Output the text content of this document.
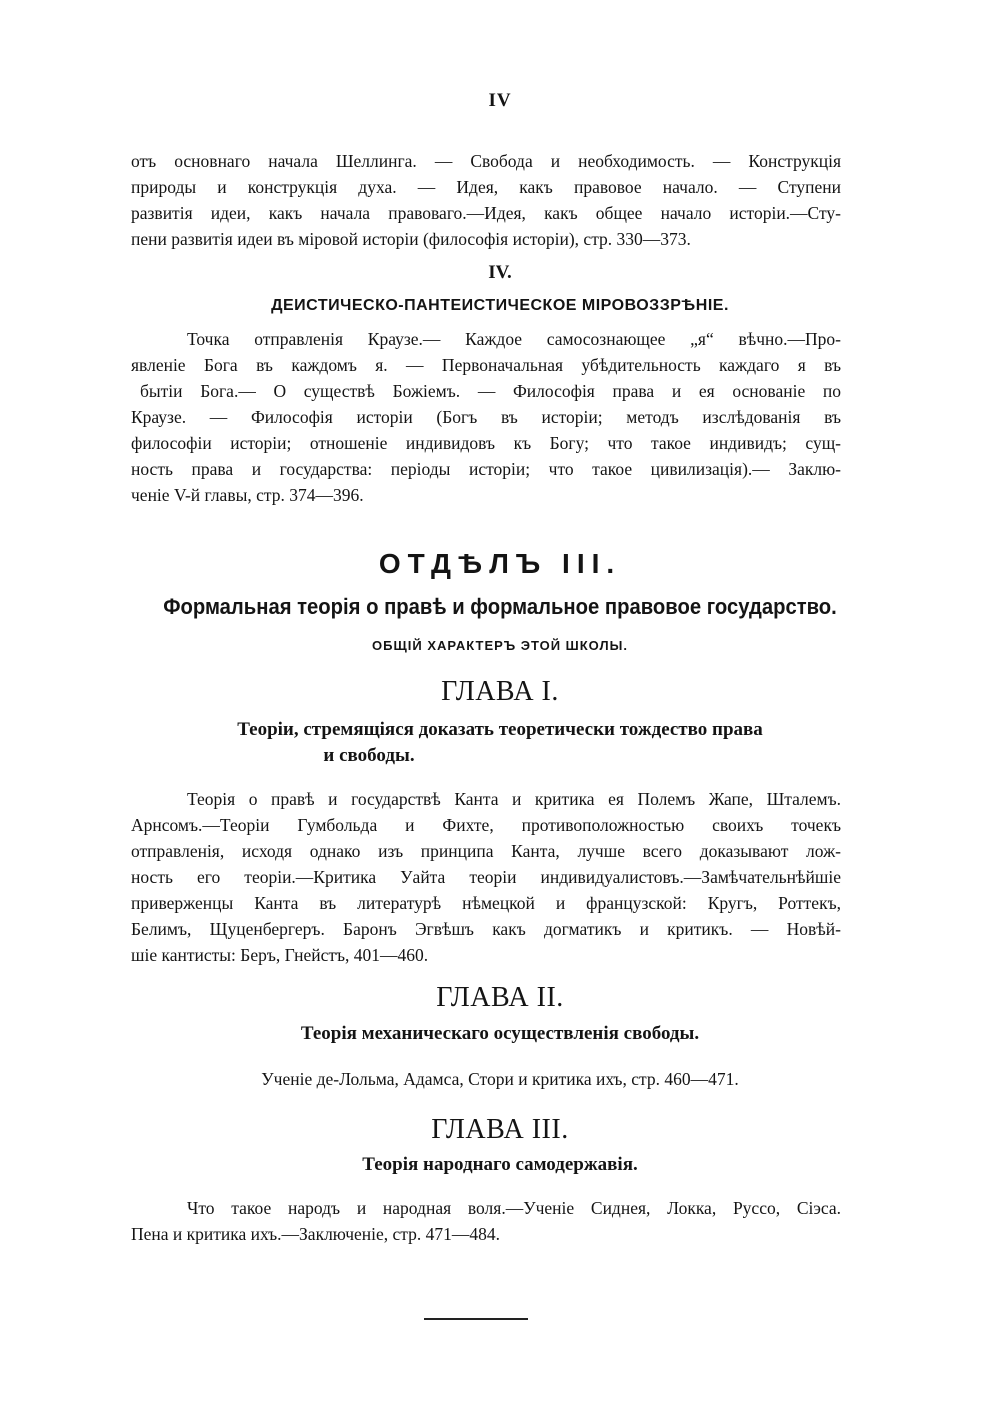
IV
отъ основнаго начала Шеллинга. — Свобода и необходимость. — Конструкція
природы и конструкція духа. — Идея, какъ правовое начало. — Ступени
развитія идеи, какъ начала правоваго.—Идея, какъ общее начало исторіи.—Сту-
пени развитія идеи въ міровой исторіи (философія исторіи), стр. 330—373.
IV.
ДЕИСТИЧЕСКО-ПАНТЕИСТИЧЕСКОЕ МІРОВОЗЗРѢНІЕ.
Точка отправленія Краузе.— Каждое самосознающее „я“ вѣчно.—Про-
явленіе Бога въ каждомъ я. — Первоначальная убѣдительность каждаго я въ
бытіи Бога.— О существѣ Божіемъ. — Философія права и ея основаніе по
Краузе. — Философія исторіи (Богъ въ исторіи; методъ изслѣдованія въ
философіи исторіи; отношеніе индивидовъ къ Богу; что такое индивидъ; сущ-
ность права и государства: періоды исторіи; что такое цивилизація).— Заклю-
ченіе V-й главы, стр. 374—396.
ОТДѢЛЪ III.
Формальная теорія о правѣ и формальное правовое государство.
ОБЩІЙ ХАРАКТЕРЪ ЭТОЙ ШКОЛЫ.
ГЛАВА I.
Теоріи, стремящіяся доказать теоретически тождество права
и свободы.
Теорія о правѣ и государствѣ Канта и критика ея Полемъ Жапе, Шталемъ.
Арнсомъ.—Теоріи Гумбольда и Фихте, противоположностью своихъ точекъ
отправленія, исходя однако изъ принципа Канта, лучше всего доказывают лож-
ность его теоріи.—Критика Уайта теоріи индивидуалистовъ.—Замѣчательнѣйшіе
приверженцы Канта въ литературѣ нѣмецкой и французской: Кругъ, Роттекъ,
Белимъ, Щуценбергеръ. Баронъ Эгвѣшъ какъ догматикъ и критикъ. — Новѣй-
шіе кантисты: Беръ, Гнейстъ, 401—460.
ГЛАВА II.
Теорія механическаго осуществленія свободы.
Ученіе де-Лольма, Адамса, Стори и критика ихъ, стр. 460—471.
ГЛАВА III.
Теорія народнаго самодержавія.
Что такое народъ и народная воля.—Ученіе Сиднея, Локка, Руссо, Сіэса.
Пена и критика ихъ.—Заключеніе, стр. 471—484.
